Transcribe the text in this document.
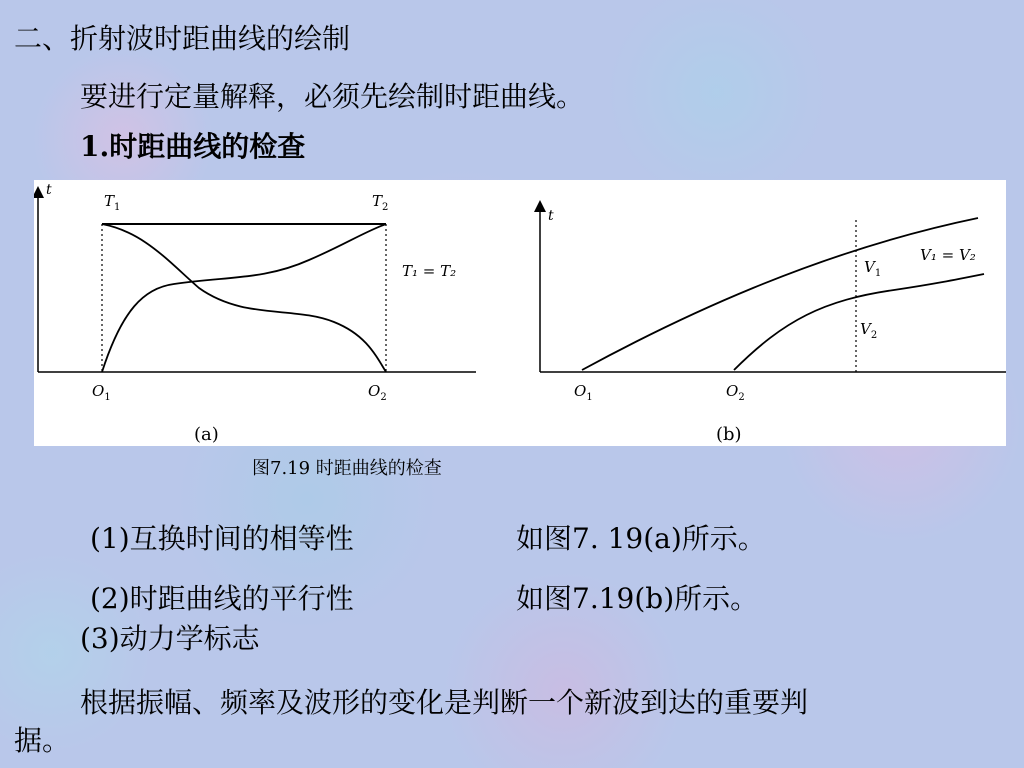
二、折射波时距曲线的绘制
要进行定量解释，必须先绘制时距曲线。
1.时距曲线的检查
t
$T_1$	$T_2$
T₁ = T₂
$O_1$	$O_2$
(a)
t
$V_1$
$V_2$
V₁ = V₂
$O_1$	$O_2$
(b)
图7.19 时距曲线的检查
(1)互换时间的相等性	如图7. 19(a)所示。
(2)时距曲线的平行性	如图7.19(b)所示。
(3)动力学标志
根据振幅、频率及波形的变化是判断一个新波到达的重要判
据。
